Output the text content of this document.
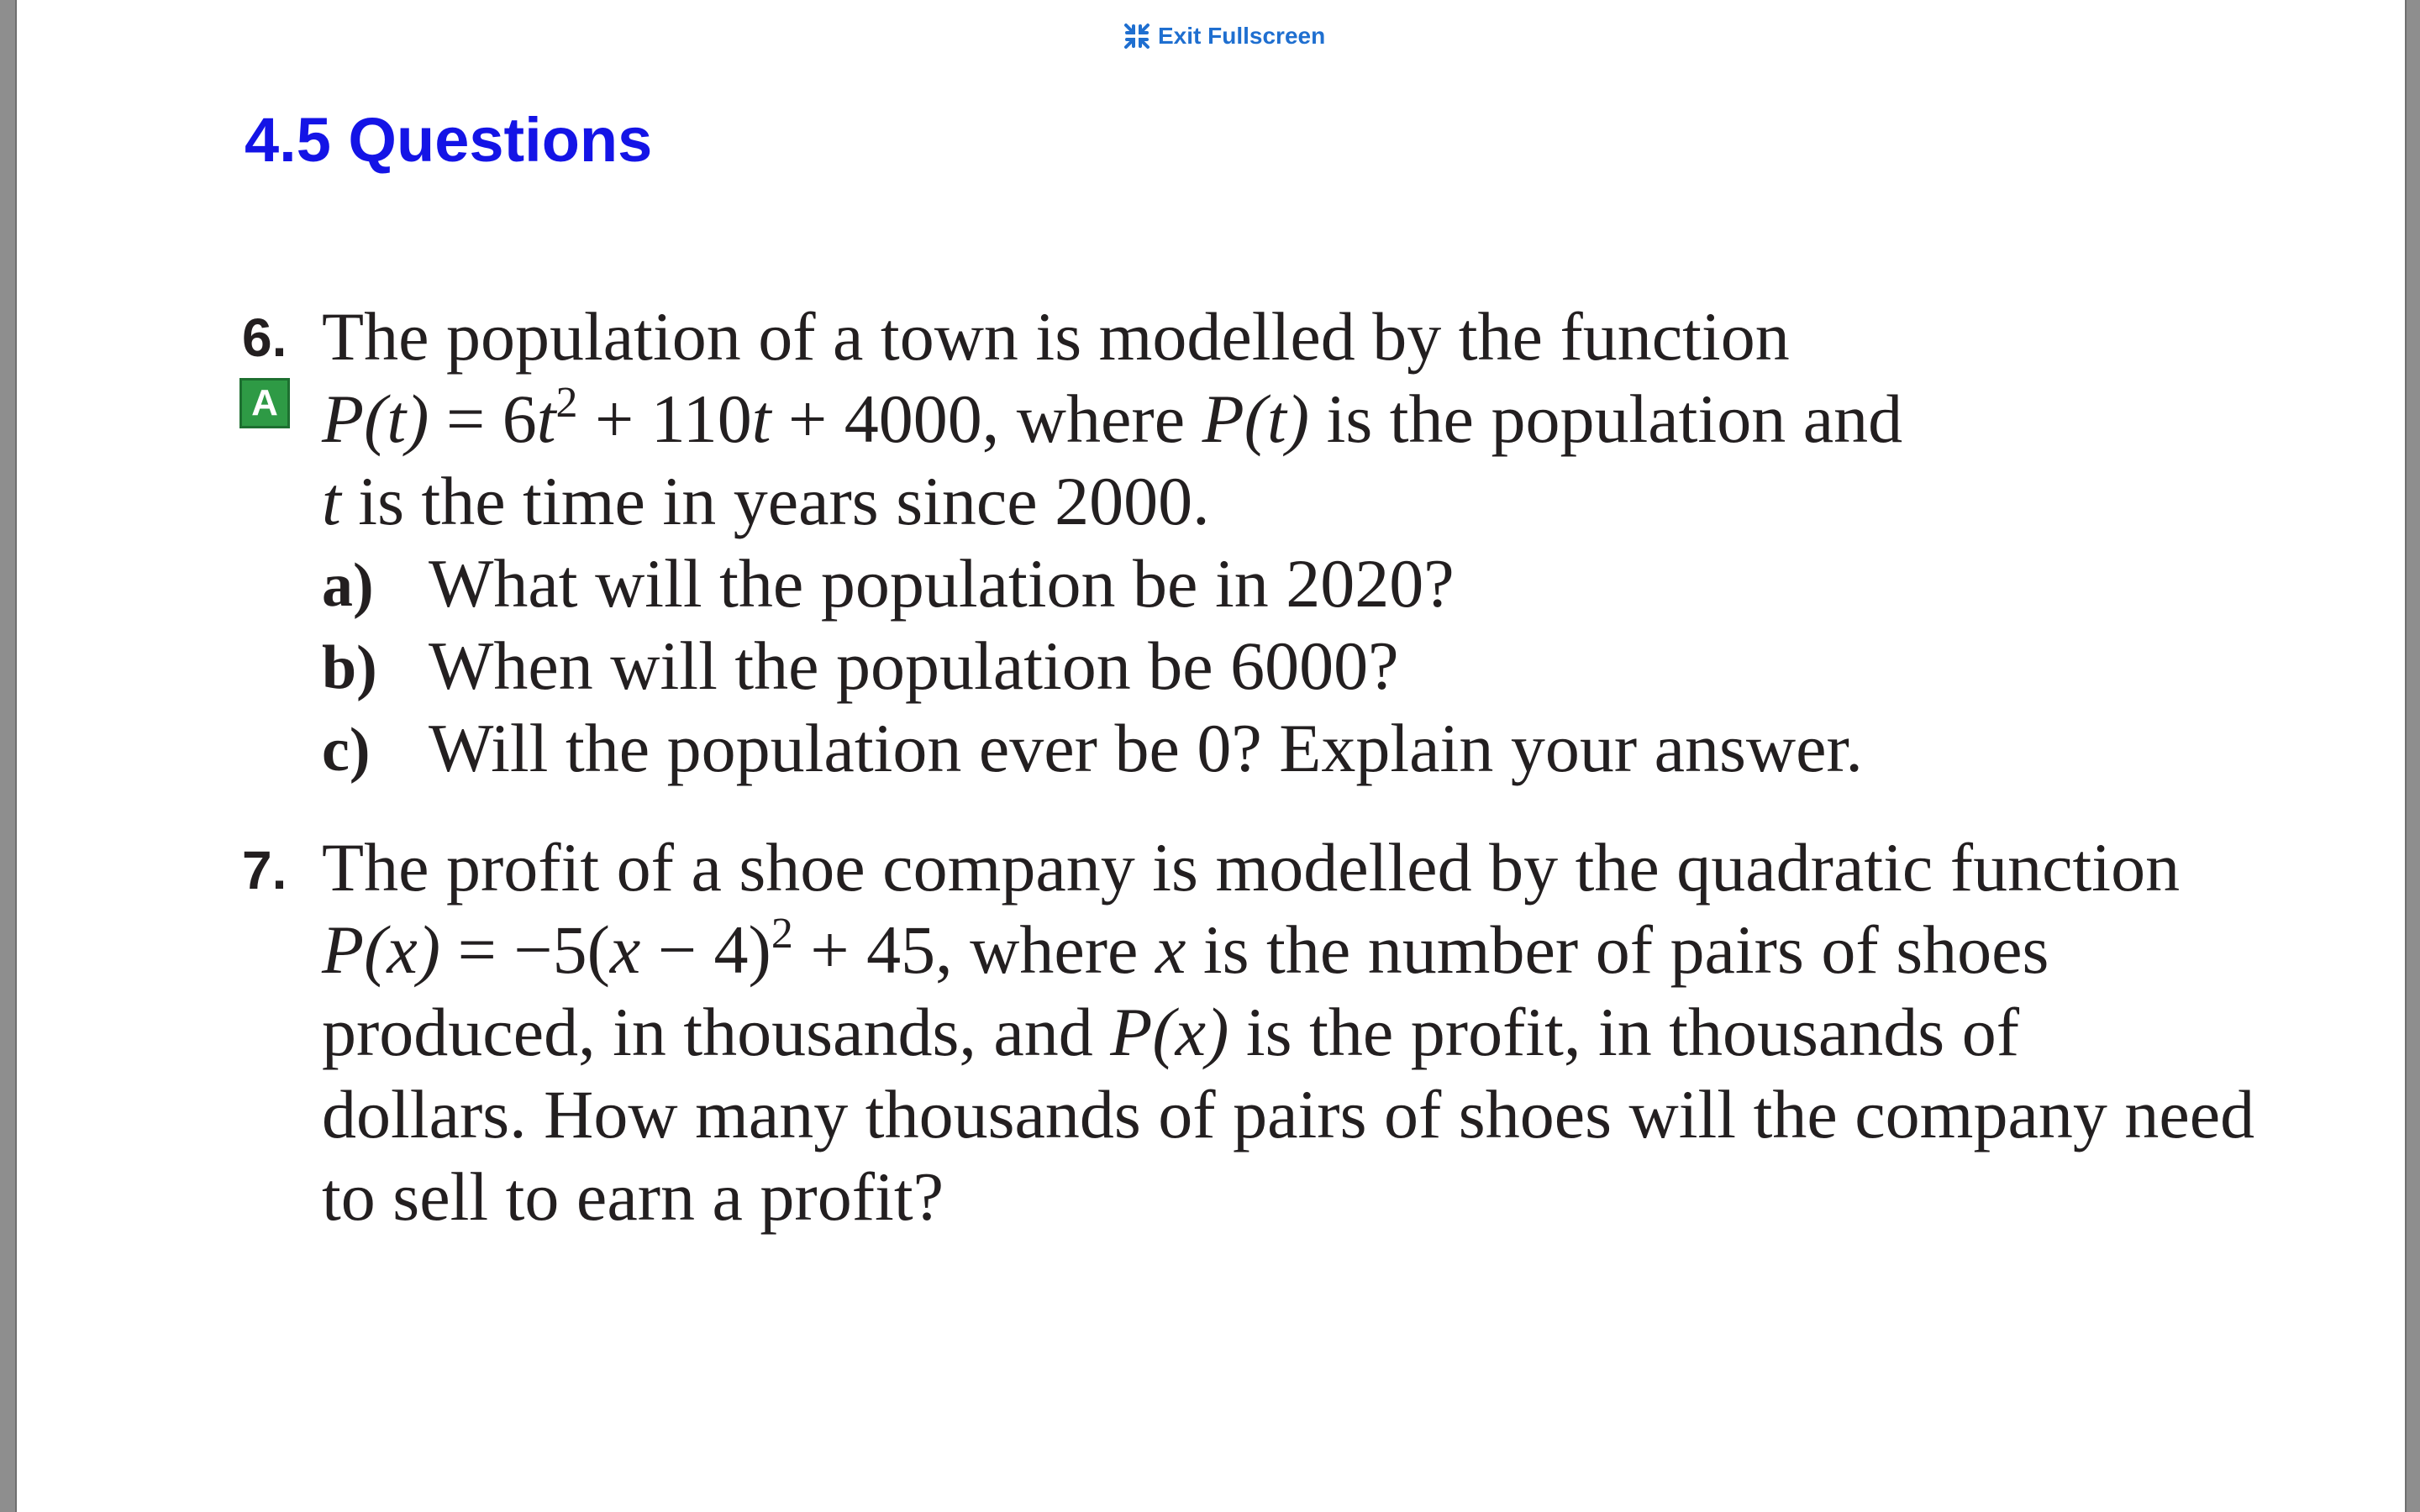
Exit Fullscreen
4.5 Questions
6. The population of a town is modelled by the function
A $P(t) = 6t^2 + 110t + 4000$, where P(t) is the population and
t is the time in years since 2000.
a) What will the population be in 2020?
b) When will the population be 6000?
c) Will the population ever be 0? Explain your answer.
7. The profit of a shoe company is modelled by the quadratic function
$P(x) = -5(x - 4)^2 + 45$, where x is the number of pairs of shoes
produced, in thousands, and P(x) is the profit, in thousands of
dollars. How many thousands of pairs of shoes will the company need
to sell to earn a profit?
